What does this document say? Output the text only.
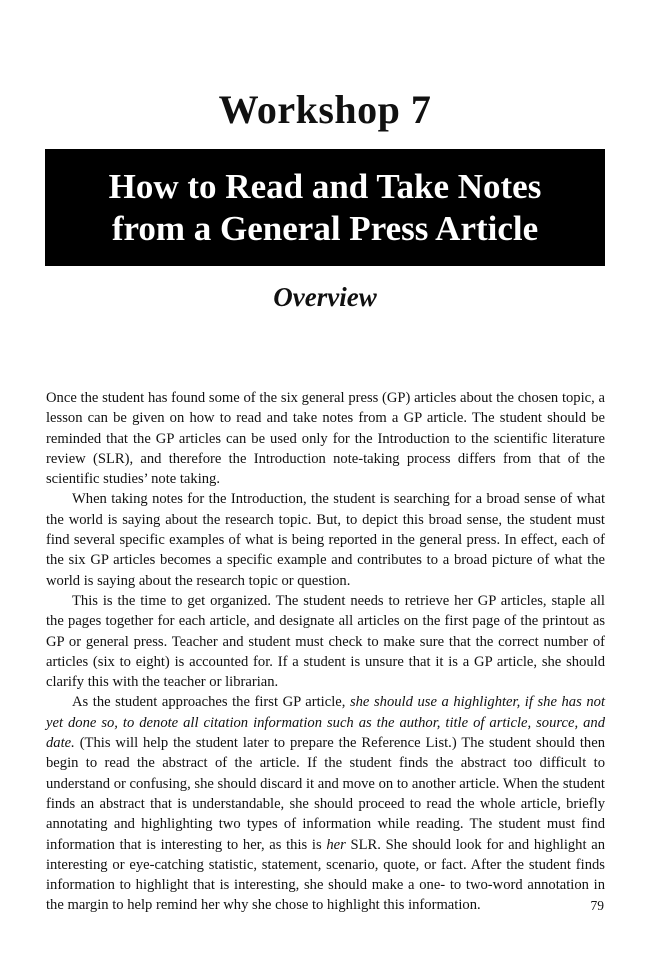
Workshop 7
How to Read and Take Notes
from a General Press Article
Overview

Once the student has found some of the six general press (GP) articles about the chosen topic, a lesson can be given on how to read and take notes from a GP article. The student should be reminded that the GP articles can be used only for the Introduction to the scientific literature review (SLR), and therefore the Introduction note-taking process differs from that of the scientific studies’ note taking.

When taking notes for the Introduction, the student is searching for a broad sense of what the world is saying about the research topic. But, to depict this broad sense, the student must find several specific examples of what is being reported in the general press. In effect, each of the six GP articles becomes a specific example and contributes to a broad picture of what the world is saying about the research topic or question.

This is the time to get organized. The student needs to retrieve her GP articles, staple all the pages together for each article, and designate all articles on the first page of the printout as GP or general press. Teacher and student must check to make sure that the correct number of articles (six to eight) is accounted for. If a student is unsure that it is a GP article, she should clarify this with the teacher or librarian.

As the student approaches the first GP article, she should use a highlighter, if she has not yet done so, to denote all citation information such as the author, title of article, source, and date. (This will help the student later to prepare the Reference List.) The student should then begin to read the abstract of the article. If the student finds the abstract too difficult to understand or confusing, she should discard it and move on to another article. When the student finds an abstract that is understandable, she should proceed to read the whole article, briefly annotating and highlighting two types of information while reading. The student must find information that is interesting to her, as this is her SLR. She should look for and highlight an interesting or eye-catching statistic, statement, scenario, quote, or fact. After the student finds information to highlight that is interesting, she should make a one- to two-word annotation in the margin to help remind her why she chose to highlight this information.	79
